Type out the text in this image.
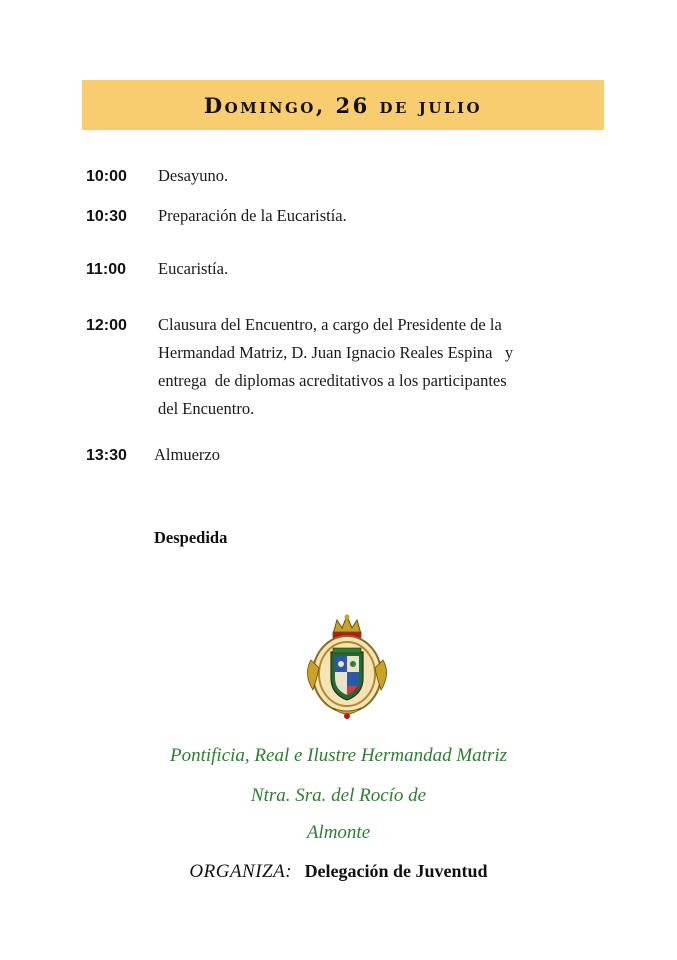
Domingo, 26 de julio
10:00 Desayuno.
10:30 Preparación de la Eucaristía.
11:00 Eucaristía.
12:00 Clausura del Encuentro, a cargo del Presidente de la
Hermandad Matriz, D. Juan Ignacio Reales Espina   y
entrega  de diplomas acreditativos a los participantes
del Encuentro.
13:30 Almuerzo
Despedida
Pontificia, Real e Ilustre Hermandad Matriz
Ntra. Sra. del Rocío de
Almonte
ORGANIZA: Delegación de Juventud
